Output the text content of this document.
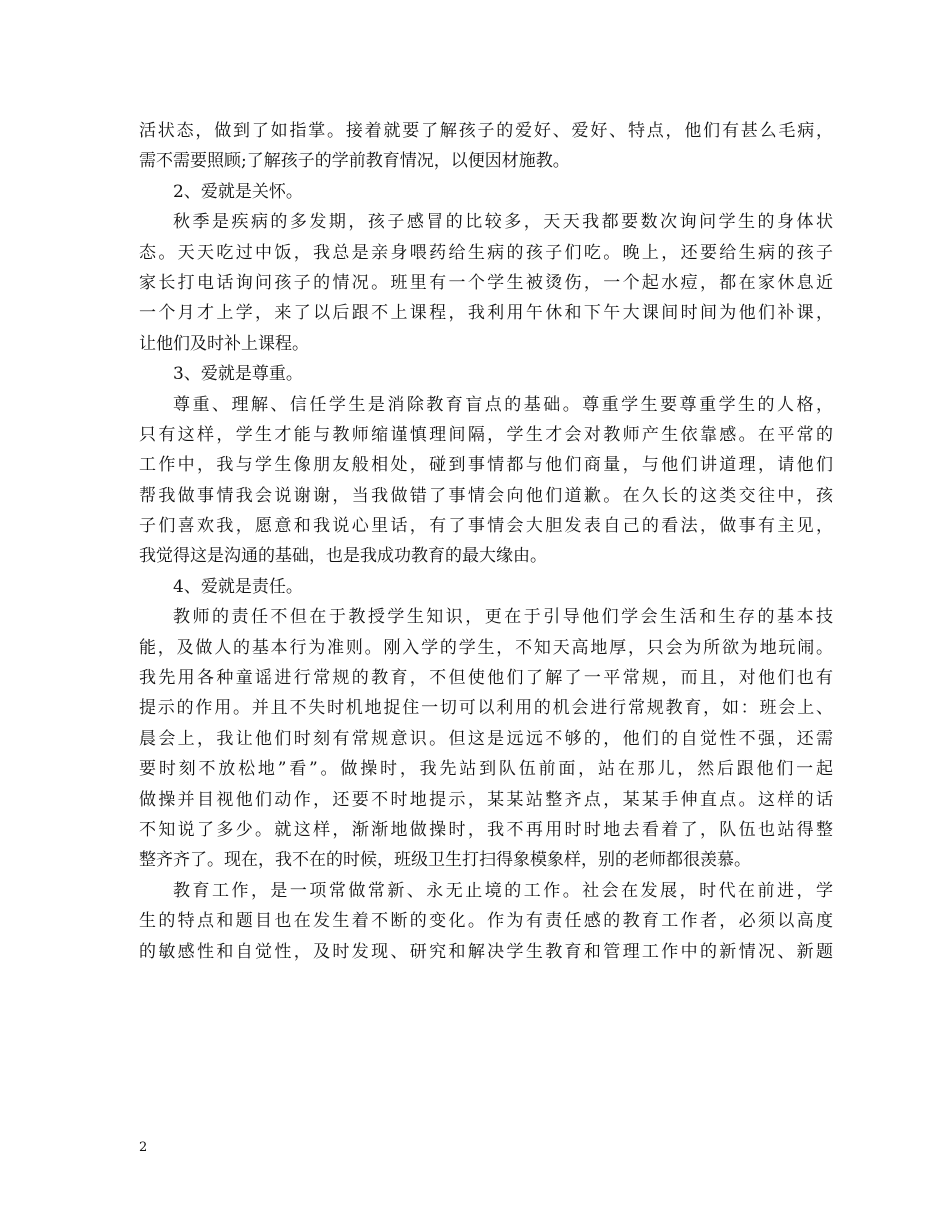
活状态，做到了如指掌。接着就要了解孩子的爱好、爱好、特点，他们有甚么毛病，
需不需要照顾;了解孩子的学前教育情况，以便因材施教。
2、爱就是关怀。
秋季是疾病的多发期，孩子感冒的比较多，天天我都要数次询问学生的身体状
态。天天吃过中饭，我总是亲身喂药给生病的孩子们吃。晚上，还要给生病的孩子
家长打电话询问孩子的情况。班里有一个学生被烫伤，一个起水痘，都在家休息近
一个月才上学，来了以后跟不上课程，我利用午休和下午大课间时间为他们补课，
让他们及时补上课程。
3、爱就是尊重。
尊重、理解、信任学生是消除教育盲点的基础。尊重学生要尊重学生的人格，
只有这样，学生才能与教师缩谨慎理间隔，学生才会对教师产生依靠感。在平常的
工作中，我与学生像朋友般相处，碰到事情都与他们商量，与他们讲道理，请他们
帮我做事情我会说谢谢，当我做错了事情会向他们道歉。在久长的这类交往中，孩
子们喜欢我，愿意和我说心里话，有了事情会大胆发表自己的看法，做事有主见，
我觉得这是沟通的基础，也是我成功教育的最大缘由。
4、爱就是责任。
教师的责任不但在于教授学生知识，更在于引导他们学会生活和生存的基本技
能，及做人的基本行为准则。刚入学的学生，不知天高地厚，只会为所欲为地玩闹。
我先用各种童谣进行常规的教育，不但使他们了解了一平常规，而且，对他们也有
提示的作用。并且不失时机地捉住一切可以利用的机会进行常规教育，如：班会上、
晨会上，我让他们时刻有常规意识。但这是远远不够的，他们的自觉性不强，还需
要时刻不放松地”看”。做操时，我先站到队伍前面，站在那儿，然后跟他们一起
做操并目视他们动作，还要不时地提示，某某站整齐点，某某手伸直点。这样的话
不知说了多少。就这样，渐渐地做操时，我不再用时时地去看着了，队伍也站得整
整齐齐了。现在，我不在的时候，班级卫生打扫得象模象样，别的老师都很羡慕。
教育工作，是一项常做常新、永无止境的工作。社会在发展，时代在前进，学
生的特点和题目也在发生着不断的变化。作为有责任感的教育工作者，必须以高度
的敏感性和自觉性，及时发现、研究和解决学生教育和管理工作中的新情况、新题
2
